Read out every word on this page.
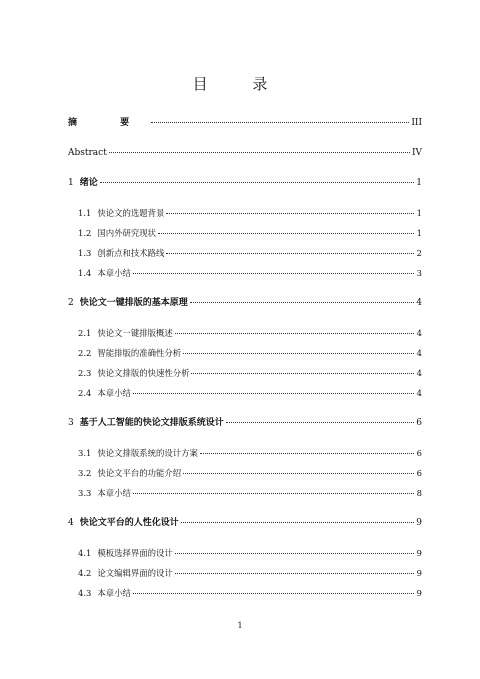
目 录
摘 要	III
Abstract	IV
1 绪论	1
1.1 快论文的选题背景	1
1.2 国内外研究现状	1
1.3 创新点和技术路线	2
1.4 本章小结	3
2 快论文一键排版的基本原理	4
2.1 快论文一键排版概述	4
2.2 智能排版的准确性分析	4
2.3 快论文排版的快速性分析	4
2.4 本章小结	4
3 基于人工智能的快论文排版系统设计	6
3.1 快论文排版系统的设计方案	6
3.2 快论文平台的功能介绍	6
3.3 本章小结	8
4 快论文平台的人性化设计	9
4.1 模板选择界面的设计	9
4.2 论文编辑界面的设计	9
4.3 本章小结	9
1
